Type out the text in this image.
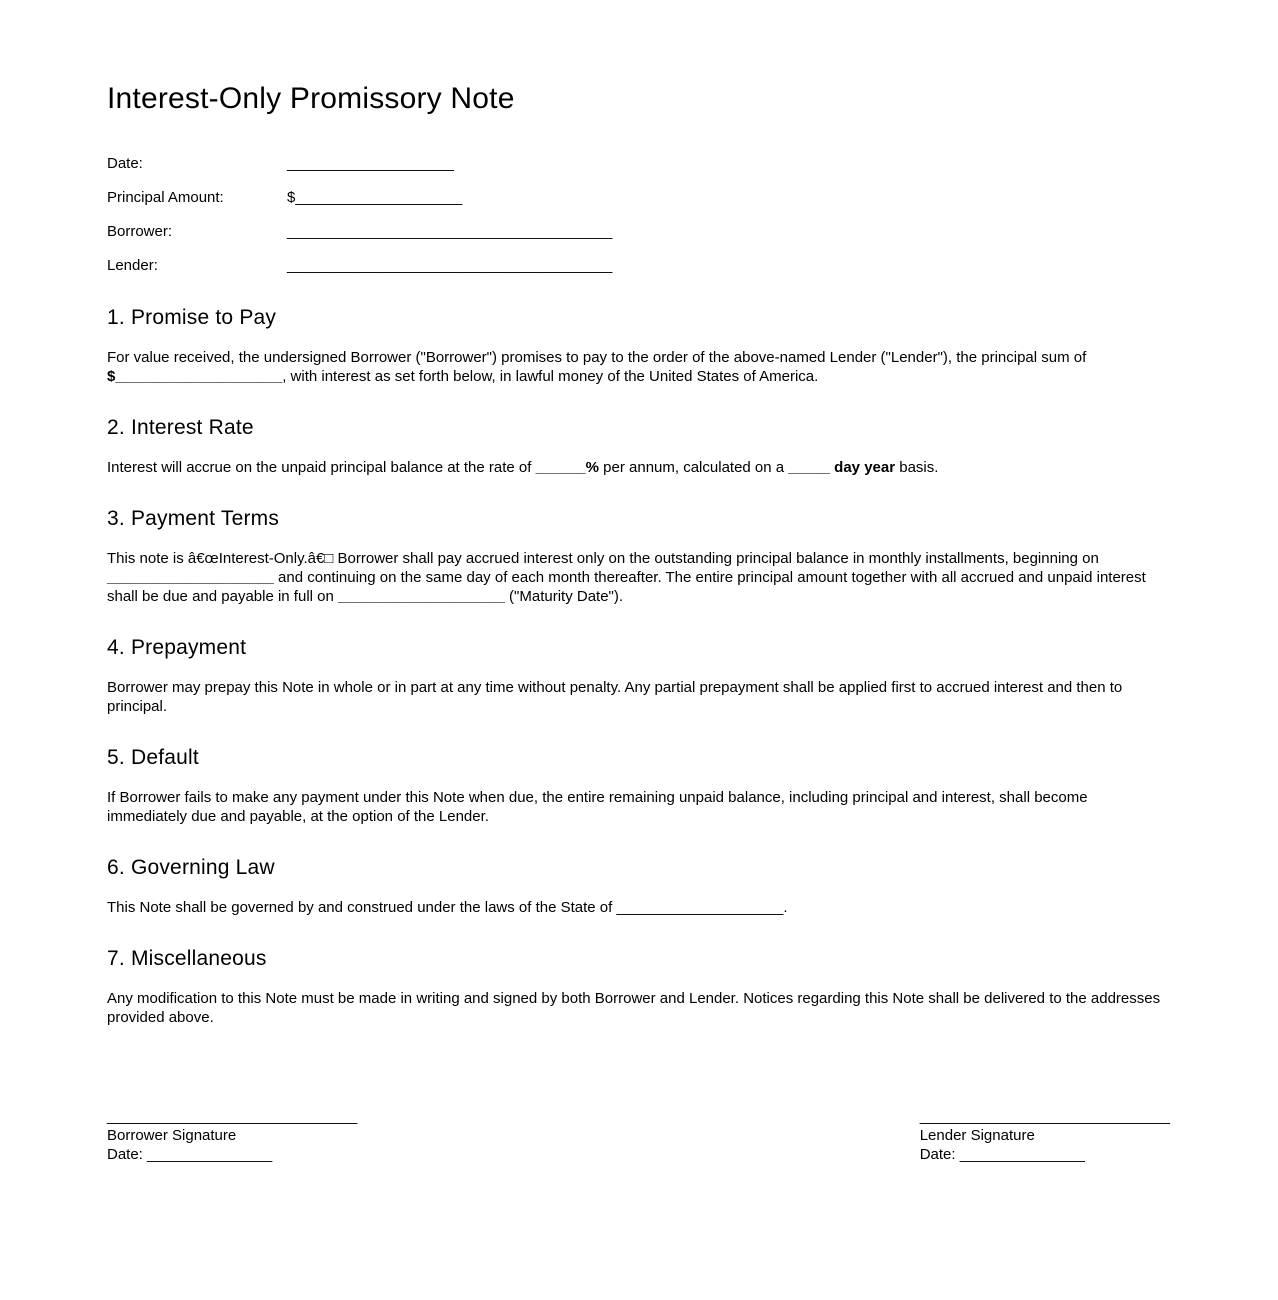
Interest-Only Promissory Note
Date:	____________________
Principal Amount:	$____________________
Borrower:	_______________________________________
Lender:	_______________________________________
1. Promise to Pay

For value received, the undersigned Borrower ("Borrower") promises to pay to the order of the above-named Lender ("Lender"), the principal sum of $____________________, with interest as set forth below, in lawful money of the United States of America.

2. Interest Rate

Interest will accrue on the unpaid principal balance at the rate of ______% per annum, calculated on a _____ day year basis.

3. Payment Terms

This note is â€œInterest-Only.â€□ Borrower shall pay accrued interest only on the outstanding principal balance in monthly installments, beginning on ____________________ and continuing on the same day of each month thereafter. The entire principal amount together with all accrued and unpaid interest shall be due and payable in full on ____________________ ("Maturity Date").

4. Prepayment

Borrower may prepay this Note in whole or in part at any time without penalty. Any partial prepayment shall be applied first to accrued interest and then to principal.

5. Default

If Borrower fails to make any payment under this Note when due, the entire remaining unpaid balance, including principal and interest, shall become immediately due and payable, at the option of the Lender.

6. Governing Law

This Note shall be governed by and construed under the laws of the State of ____________________.

7. Miscellaneous

Any modification to this Note must be made in writing and signed by both Borrower and Lender. Notices regarding this Note shall be delivered to the addresses provided above.

______________________________
Borrower Signature
Date: _______________
______________________________
Lender Signature
Date: _______________
